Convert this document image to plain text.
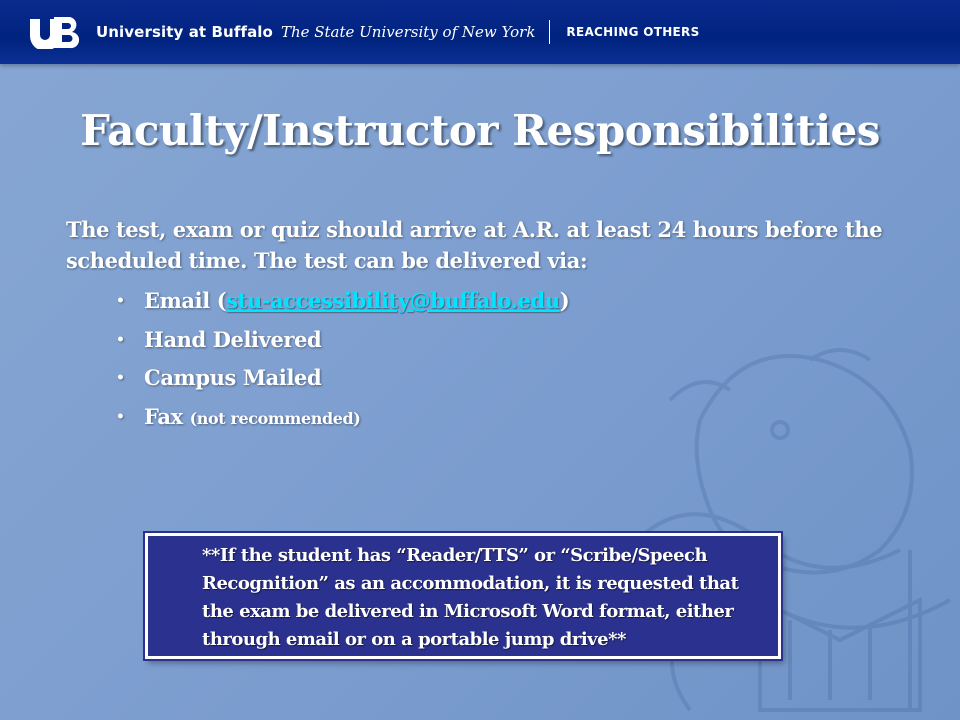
University at Buffalo The State University of New York	REACHING OTHERS
Faculty/Instructor Responsibilities

The test, exam or quiz should arrive at A.R. at least 24 hours before the scheduled time. The test can be delivered via:

• Email (stu-accessibility@buffalo.edu)
• Hand Delivered
• Campus Mailed
• Fax (not recommended)

**If the student has “Reader/TTS” or “Scribe/Speech Recognition” as an accommodation, it is requested that the exam be delivered in Microsoft Word format, either through email or on a portable jump drive**
